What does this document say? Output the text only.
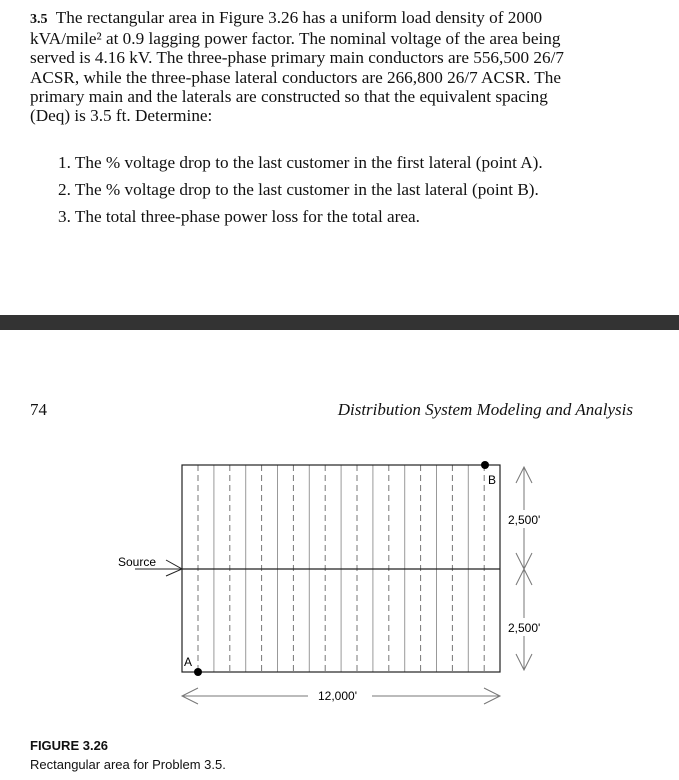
3.5 The rectangular area in Figure 3.26 has a uniform load density of 2000
kVA/mile² at 0.9 lagging power factor. The nominal voltage of the area being
served is 4.16 kV. The three-phase primary main conductors are 556,500 26/7
ACSR, while the three-phase lateral conductors are 266,800 26/7 ACSR. The
primary main and the laterals are constructed so that the equivalent spacing
(Deq) is 3.5 ft. Determine:
1. The % voltage drop to the last customer in the first lateral (point A).
2. The % voltage drop to the last customer in the last lateral (point B).
3. The total three-phase power loss for the total area.
74	Distribution System Modeling and Analysis
Source
B
A
2,500'
2,500'
12,000'
FIGURE 3.26
Rectangular area for Problem 3.5.
